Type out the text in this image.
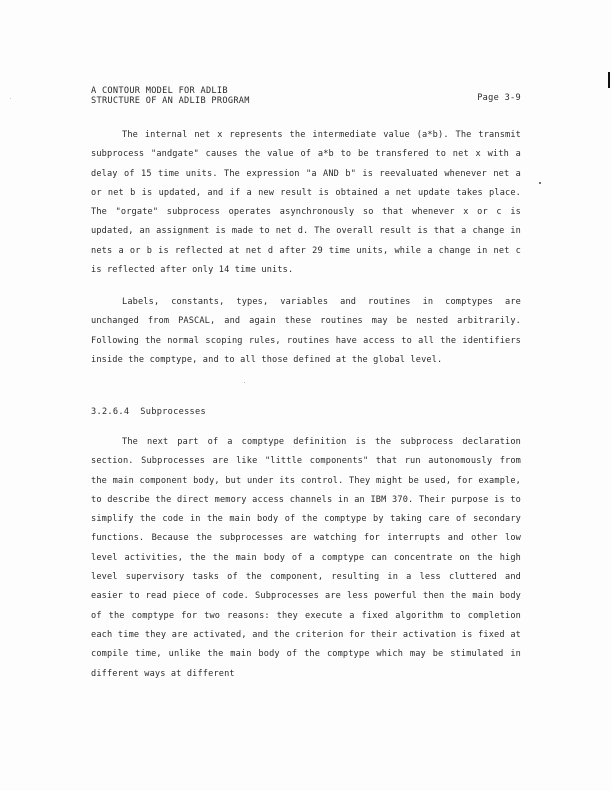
A CONTOUR MODEL FOR ADLIB
STRUCTURE OF AN ADLIB PROGRAM	Page 3-9

The internal net x represents the intermediate value (a*b). The transmit subprocess "andgate" causes the value of a*b to be transfered to net x with a delay of 15 time units. The expression "a AND b" is reevaluated whenever net a or net b is updated, and if a new result is obtained a net update takes place. The "orgate" subprocess operates asynchronously so that whenever x or c is updated, an assignment is made to net d. The overall result is that a change in nets a or b is reflected at net d after 29 time units, while a change in net c is reflected after only 14 time units.

Labels, constants, types, variables and routines in comptypes are unchanged from PASCAL, and again these routines may be nested arbitrarily. Following the normal scoping rules, routines have access to all the identifiers inside the comptype, and to all those defined at the global level.

3.2.6.4 Subprocesses

The next part of a comptype definition is the subprocess declaration section. Subprocesses are like "little components" that run autonomously from the main component body, but under its control. They might be used, for example, to describe the direct memory access channels in an IBM 370. Their purpose is to simplify the code in the main body of the comptype by taking care of secondary functions. Because the subprocesses are watching for interrupts and other low level activities, the the main body of a comptype can concentrate on the high level supervisory tasks of the component, resulting in a less cluttered and easier to read piece of code. Subprocesses are less powerful then the main body of the comptype for two reasons: they execute a fixed algorithm to completion each time they are activated, and the criterion for their activation is fixed at compile time, unlike the main body of the comptype which may be stimulated in different ways at different
